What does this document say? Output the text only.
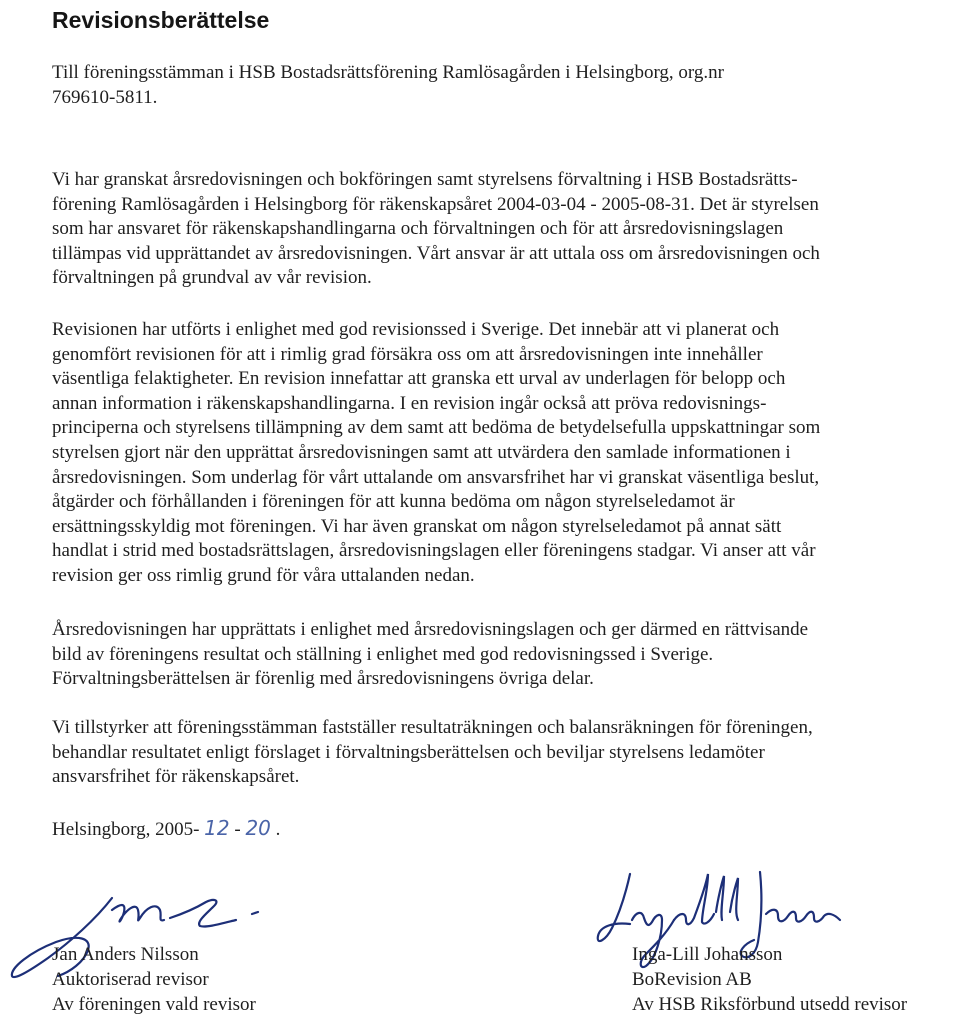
Revisionsberättelse
Till föreningsstämman i HSB Bostadsrättsförening Ramlösagården i Helsingborg, org.nr
769610-5811.
Vi har granskat årsredovisningen och bokföringen samt styrelsens förvaltning i HSB Bostadsrätts-
förening Ramlösagården i Helsingborg för räkenskapsåret 2004-03-04 - 2005-08-31. Det är styrelsen
som har ansvaret för räkenskapshandlingarna och förvaltningen och för att årsredovisningslagen
tillämpas vid upprättandet av årsredovisningen. Vårt ansvar är att uttala oss om årsredovisningen och
förvaltningen på grundval av vår revision.
Revisionen har utförts i enlighet med god revisionssed i Sverige. Det innebär att vi planerat och
genomfört revisionen för att i rimlig grad försäkra oss om att årsredovisningen inte innehåller
väsentliga felaktigheter. En revision innefattar att granska ett urval av underlagen för belopp och
annan information i räkenskapshandlingarna. I en revision ingår också att pröva redovisnings-
principerna och styrelsens tillämpning av dem samt att bedöma de betydelsefulla uppskattningar som
styrelsen gjort när den upprättat årsredovisningen samt att utvärdera den samlade informationen i
årsredovisningen. Som underlag för vårt uttalande om ansvarsfrihet har vi granskat väsentliga beslut,
åtgärder och förhållanden i föreningen för att kunna bedöma om någon styrelseledamot är
ersättningsskyldig mot föreningen. Vi har även granskat om någon styrelseledamot på annat sätt
handlat i strid med bostadsrättslagen, årsredovisningslagen eller föreningens stadgar. Vi anser att vår
revision ger oss rimlig grund för våra uttalanden nedan.
Årsredovisningen har upprättats i enlighet med årsredovisningslagen och ger därmed en rättvisande
bild av föreningens resultat och ställning i enlighet med god redovisningssed i Sverige.
Förvaltningsberättelsen är förenlig med årsredovisningens övriga delar.
Vi tillstyrker att föreningsstämman fastställer resultaträkningen och balansräkningen för föreningen,
behandlar resultatet enligt förslaget i förvaltningsberättelsen och beviljar styrelsens ledamöter
ansvarsfrihet för räkenskapsåret.
Helsingborg, 2005- 12 - 20 .
Jan Anders Nilsson
Auktoriserad revisor
Av föreningen vald revisor
Inga-Lill Johansson
BoRevision AB
Av HSB Riksförbund utsedd revisor
